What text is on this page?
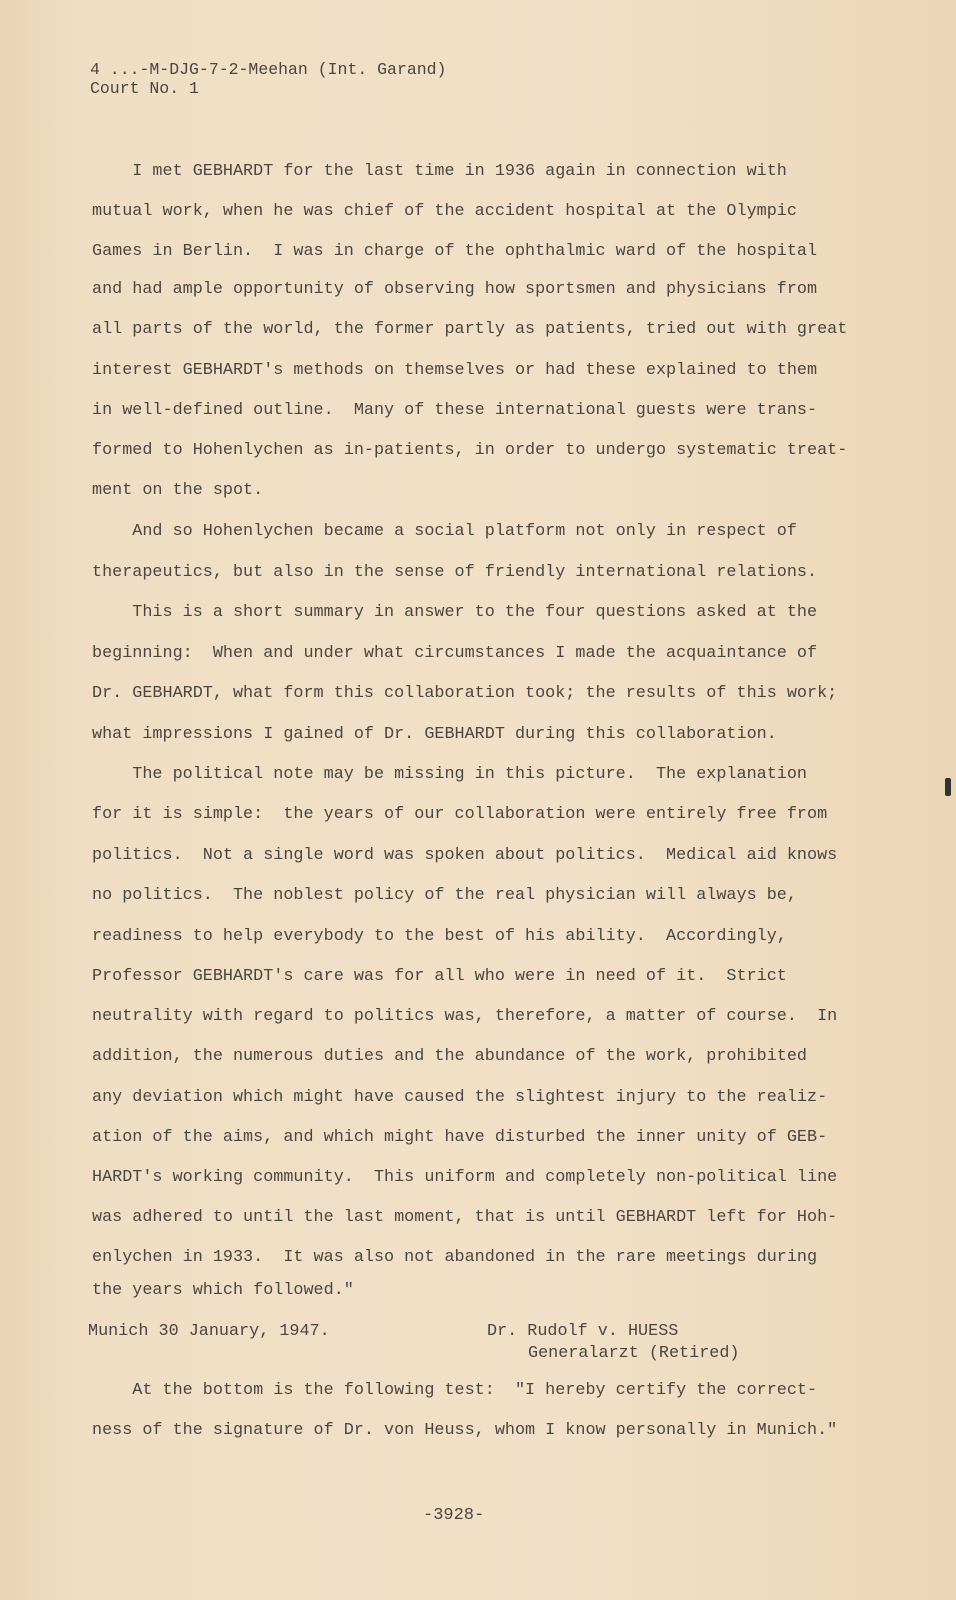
4 ...-M-DJG-7-2-Meehan (Int. Garand)
Court No. 1
I met GEBHARDT for the last time in 1936 again in connection with
mutual work, when he was chief of the accident hospital at the Olympic
Games in Berlin.  I was in charge of the ophthalmic ward of the hospital
and had ample opportunity of observing how sportsmen and physicians from
all parts of the world, the former partly as patients, tried out with great
interest GEBHARDT's methods on themselves or had these explained to them
in well-defined outline.  Many of these international guests were trans-
formed to Hohenlychen as in-patients, in order to undergo systematic treat-
ment on the spot.
And so Hohenlychen became a social platform not only in respect of
therapeutics, but also in the sense of friendly international relations.
This is a short summary in answer to the four questions asked at the
beginning:  When and under what circumstances I made the acquaintance of
Dr. GEBHARDT, what form this collaboration took; the results of this work;
what impressions I gained of Dr. GEBHARDT during this collaboration.
The political note may be missing in this picture.  The explanation
for it is simple:  the years of our collaboration were entirely free from
politics.  Not a single word was spoken about politics.  Medical aid knows
no politics.  The noblest policy of the real physician will always be,
readiness to help everybody to the best of his ability.  Accordingly,
Professor GEBHARDT's care was for all who were in need of it.  Strict
neutrality with regard to politics was, therefore, a matter of course.  In
addition, the numerous duties and the abundance of the work, prohibited
any deviation which might have caused the slightest injury to the realiz-
ation of the aims, and which might have disturbed the inner unity of GEB-
HARDT's working community.  This uniform and completely non-political line
was adhered to until the last moment, that is until GEBHARDT left for Hoh-
enlychen in 1933.  It was also not abandoned in the rare meetings during
the years which followed."
Munich 30 January, 1947.	Dr. Rudolf v. HUESS
Generalarzt (Retired)
At the bottom is the following test:  "I hereby certify the correct-
ness of the signature of Dr. von Heuss, whom I know personally in Munich."
-3928-
